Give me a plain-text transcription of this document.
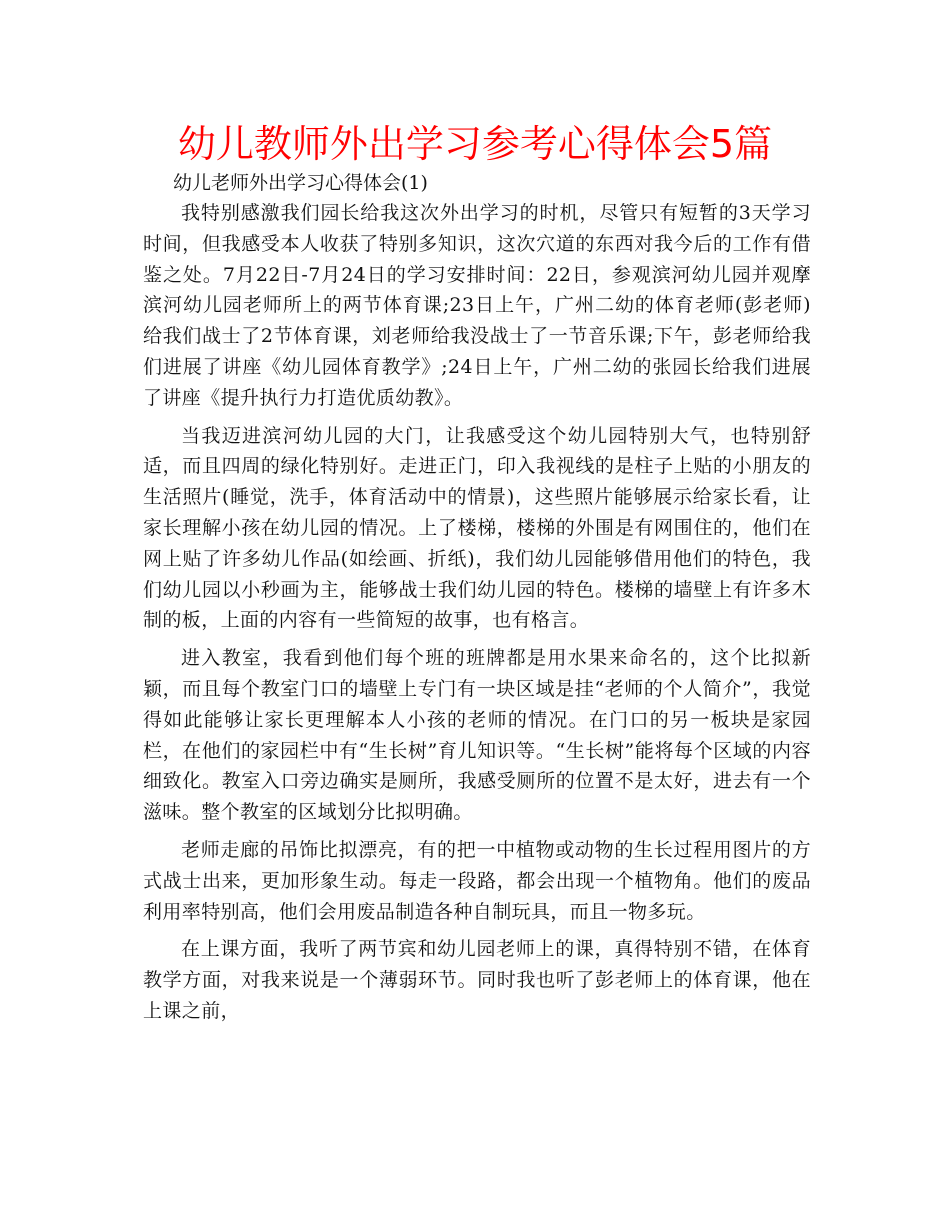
幼儿教师外出学习参考心得体会5篇
幼儿老师外出学习心得体会(1)

我特别感激我们园长给我这次外出学习的时机，尽管只有短暂的3天学习时间，但我感受本人收获了特别多知识，这次穴道的东西对我今后的工作有借鉴之处。7月22日-7月24日的学习安排时间：22日，参观滨河幼儿园并观摩滨河幼儿园老师所上的两节体育课;23日上午，广州二幼的体育老师(彭老师)给我们战士了2节体育课，刘老师给我没战士了一节音乐课;下午，彭老师给我们进展了讲座《幼儿园体育教学》;24日上午，广州二幼的张园长给我们进展了讲座《提升执行力打造优质幼教》。

当我迈进滨河幼儿园的大门，让我感受这个幼儿园特别大气，也特别舒适，而且四周的绿化特别好。走进正门，印入我视线的是柱子上贴的小朋友的生活照片(睡觉，洗手，体育活动中的情景)，这些照片能够展示给家长看，让家长理解小孩在幼儿园的情况。上了楼梯，楼梯的外围是有网围住的，他们在网上贴了许多幼儿作品(如绘画、折纸)，我们幼儿园能够借用他们的特色，我们幼儿园以小秒画为主，能够战士我们幼儿园的特色。楼梯的墙壁上有许多木制的板，上面的内容有一些简短的故事，也有格言。

进入教室，我看到他们每个班的班牌都是用水果来命名的，这个比拟新颖，而且每个教室门口的墙壁上专门有一块区域是挂“老师的个人简介”，我觉得如此能够让家长更理解本人小孩的老师的情况。在门口的另一板块是家园栏，在他们的家园栏中有“生长树”育儿知识等。“生长树”能将每个区域的内容细致化。教室入口旁边确实是厕所，我感受厕所的位置不是太好，进去有一个滋味。整个教室的区域划分比拟明确。

老师走廊的吊饰比拟漂亮，有的把一中植物或动物的生长过程用图片的方式战士出来，更加形象生动。每走一段路，都会出现一个植物角。他们的废品利用率特别高，他们会用废品制造各种自制玩具，而且一物多玩。

在上课方面，我听了两节宾和幼儿园老师上的课，真得特别不错，在体育教学方面，对我来说是一个薄弱环节。同时我也听了彭老师上的体育课，他在上课之前，
